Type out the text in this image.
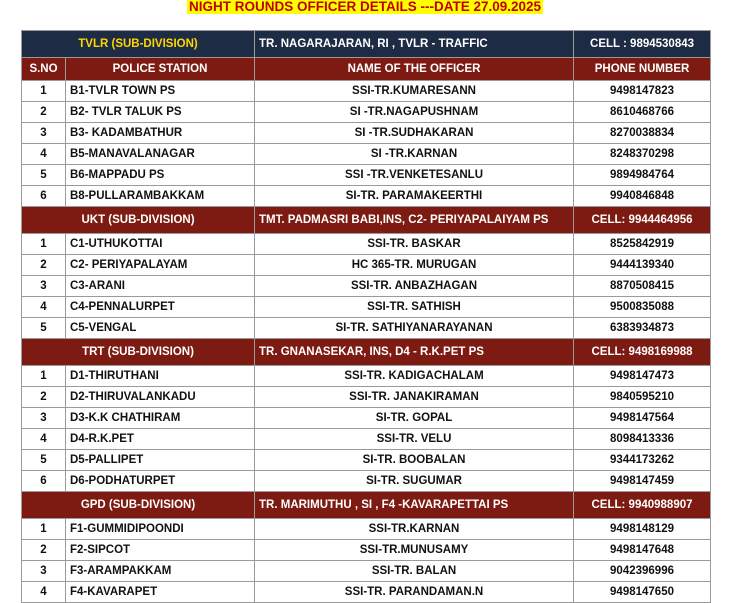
NIGHT ROUNDS OFFICER DETAILS ---DATE 27.09.2025
TVLR (SUB-DIVISION)		TR. NAGARAJARAN, RI , TVLR - TRAFFIC	CELL : 9894530843
S.NO	POLICE STATION	NAME OF THE OFFICER	PHONE NUMBER
1	B1-TVLR TOWN PS	SSI-TR.KUMARESANN	9498147823
2	B2- TVLR TALUK PS	SI -TR.NAGAPUSHNAM	8610468766
3	B3- KADAMBATHUR	SI -TR.SUDHAKARAN	8270038834
4	B5-MANAVALANAGAR	SI -TR.KARNAN	8248370298
5	B6-MAPPADU PS	SSI -TR.VENKETESANLU	9894984764
6	B8-PULLARAMBAKKAM	SI-TR. PARAMAKEERTHI	9940846848
UKT (SUB-DIVISION)		TMT. PADMASRI BABI,INS, C2- PERIYAPALAIYAM PS	CELL: 9944464956
1	C1-UTHUKOTTAI	SSI-TR. BASKAR	8525842919
2	C2- PERIYAPALAYAM	HC 365-TR. MURUGAN	9444139340
3	C3-ARANI	SSI-TR. ANBAZHAGAN	8870508415
4	C4-PENNALURPET	SSI-TR. SATHISH	9500835088
5	C5-VENGAL	SI-TR. SATHIYANARAYANAN	6383934873
TRT (SUB-DIVISION)		TR. GNANASEKAR, INS, D4 - R.K.PET PS	CELL: 9498169988
1	D1-THIRUTHANI	SSI-TR. KADIGACHALAM	9498147473
2	D2-THIRUVALANKADU	SSI-TR. JANAKIRAMAN	9840595210
3	D3-K.K CHATHIRAM	SI-TR. GOPAL	9498147564
4	D4-R.K.PET	SSI-TR. VELU	8098413336
5	D5-PALLIPET	SI-TR. BOOBALAN	9344173262
6	D6-PODHATURPET	SI-TR. SUGUMAR	9498147459
GPD (SUB-DIVISION)		TR. MARIMUTHU , SI , F4 -KAVARAPETTAI PS	CELL: 9940988907
1	F1-GUMMIDIPOONDI	SSI-TR.KARNAN	9498148129
2	F2-SIPCOT	SSI-TR.MUNUSAMY	9498147648
3	F3-ARAMPAKKAM	SSI-TR. BALAN	9042396996
4	F4-KAVARAPET	SSI-TR. PARANDAMAN.N	9498147650
